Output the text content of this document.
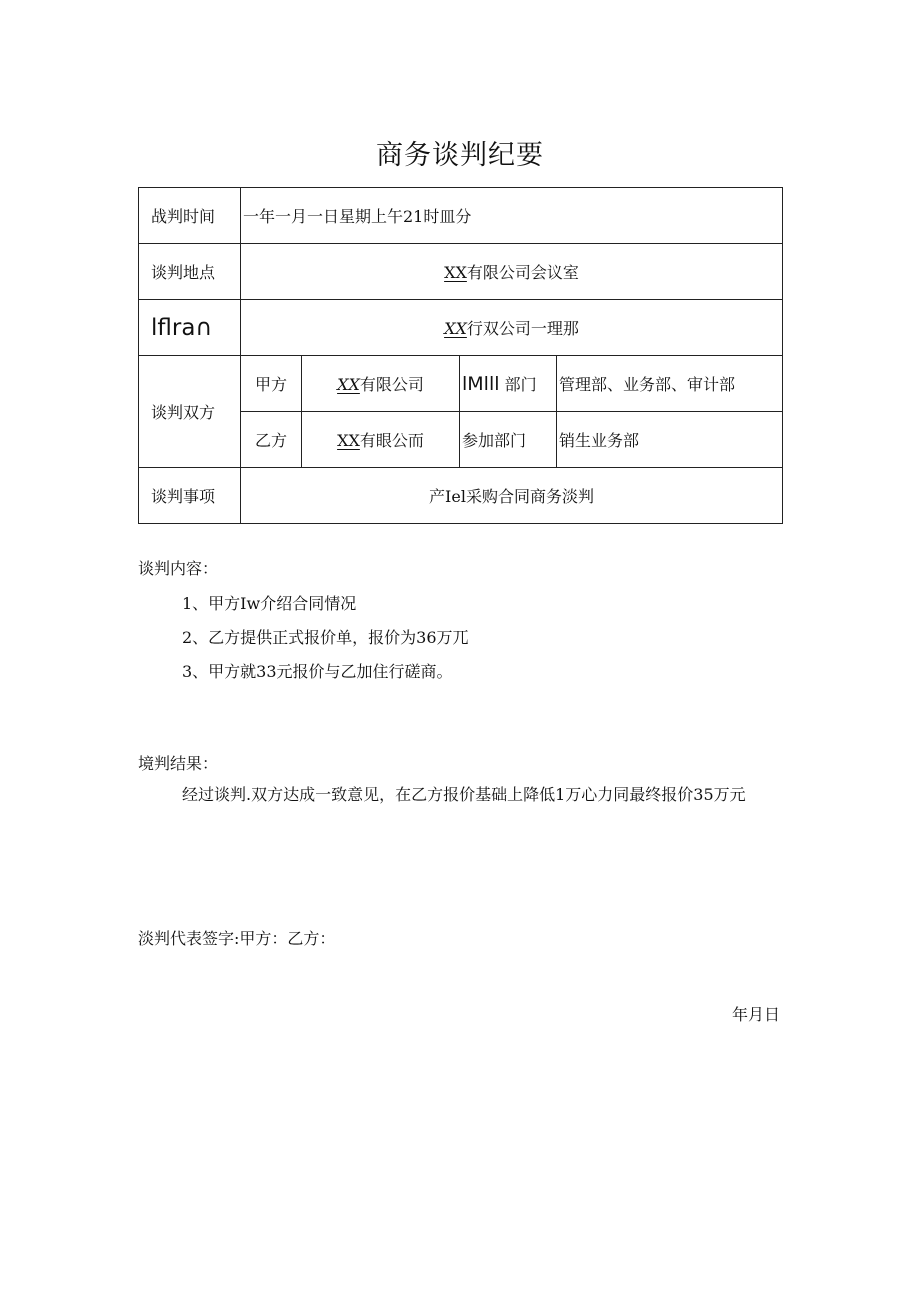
商务谈判纪要
战判时间	一年一月一日星期上午21时皿分			
谈判地点	XX有限公司会议室			
lflra∩	XX行双公司一理那			
谈判双方	甲方	XX有限公司	lMlll 部门	管理部、业务部、审计部
	乙方	XX有眼公而	参加部门	销生业务部
谈判事项	产Iel采购合同商务淡判			
谈判内容：
1、甲方Iw介绍合同情况
2、乙方提供正式报价单，报价为36万兀
3、甲方就33元报价与乙加住行磋商。
境判结果：
经过谈判.双方达成一致意见，在乙方报价基础上降低1万心力同最终报价35万元
淡判代表签字:甲方：乙方：
年月日
